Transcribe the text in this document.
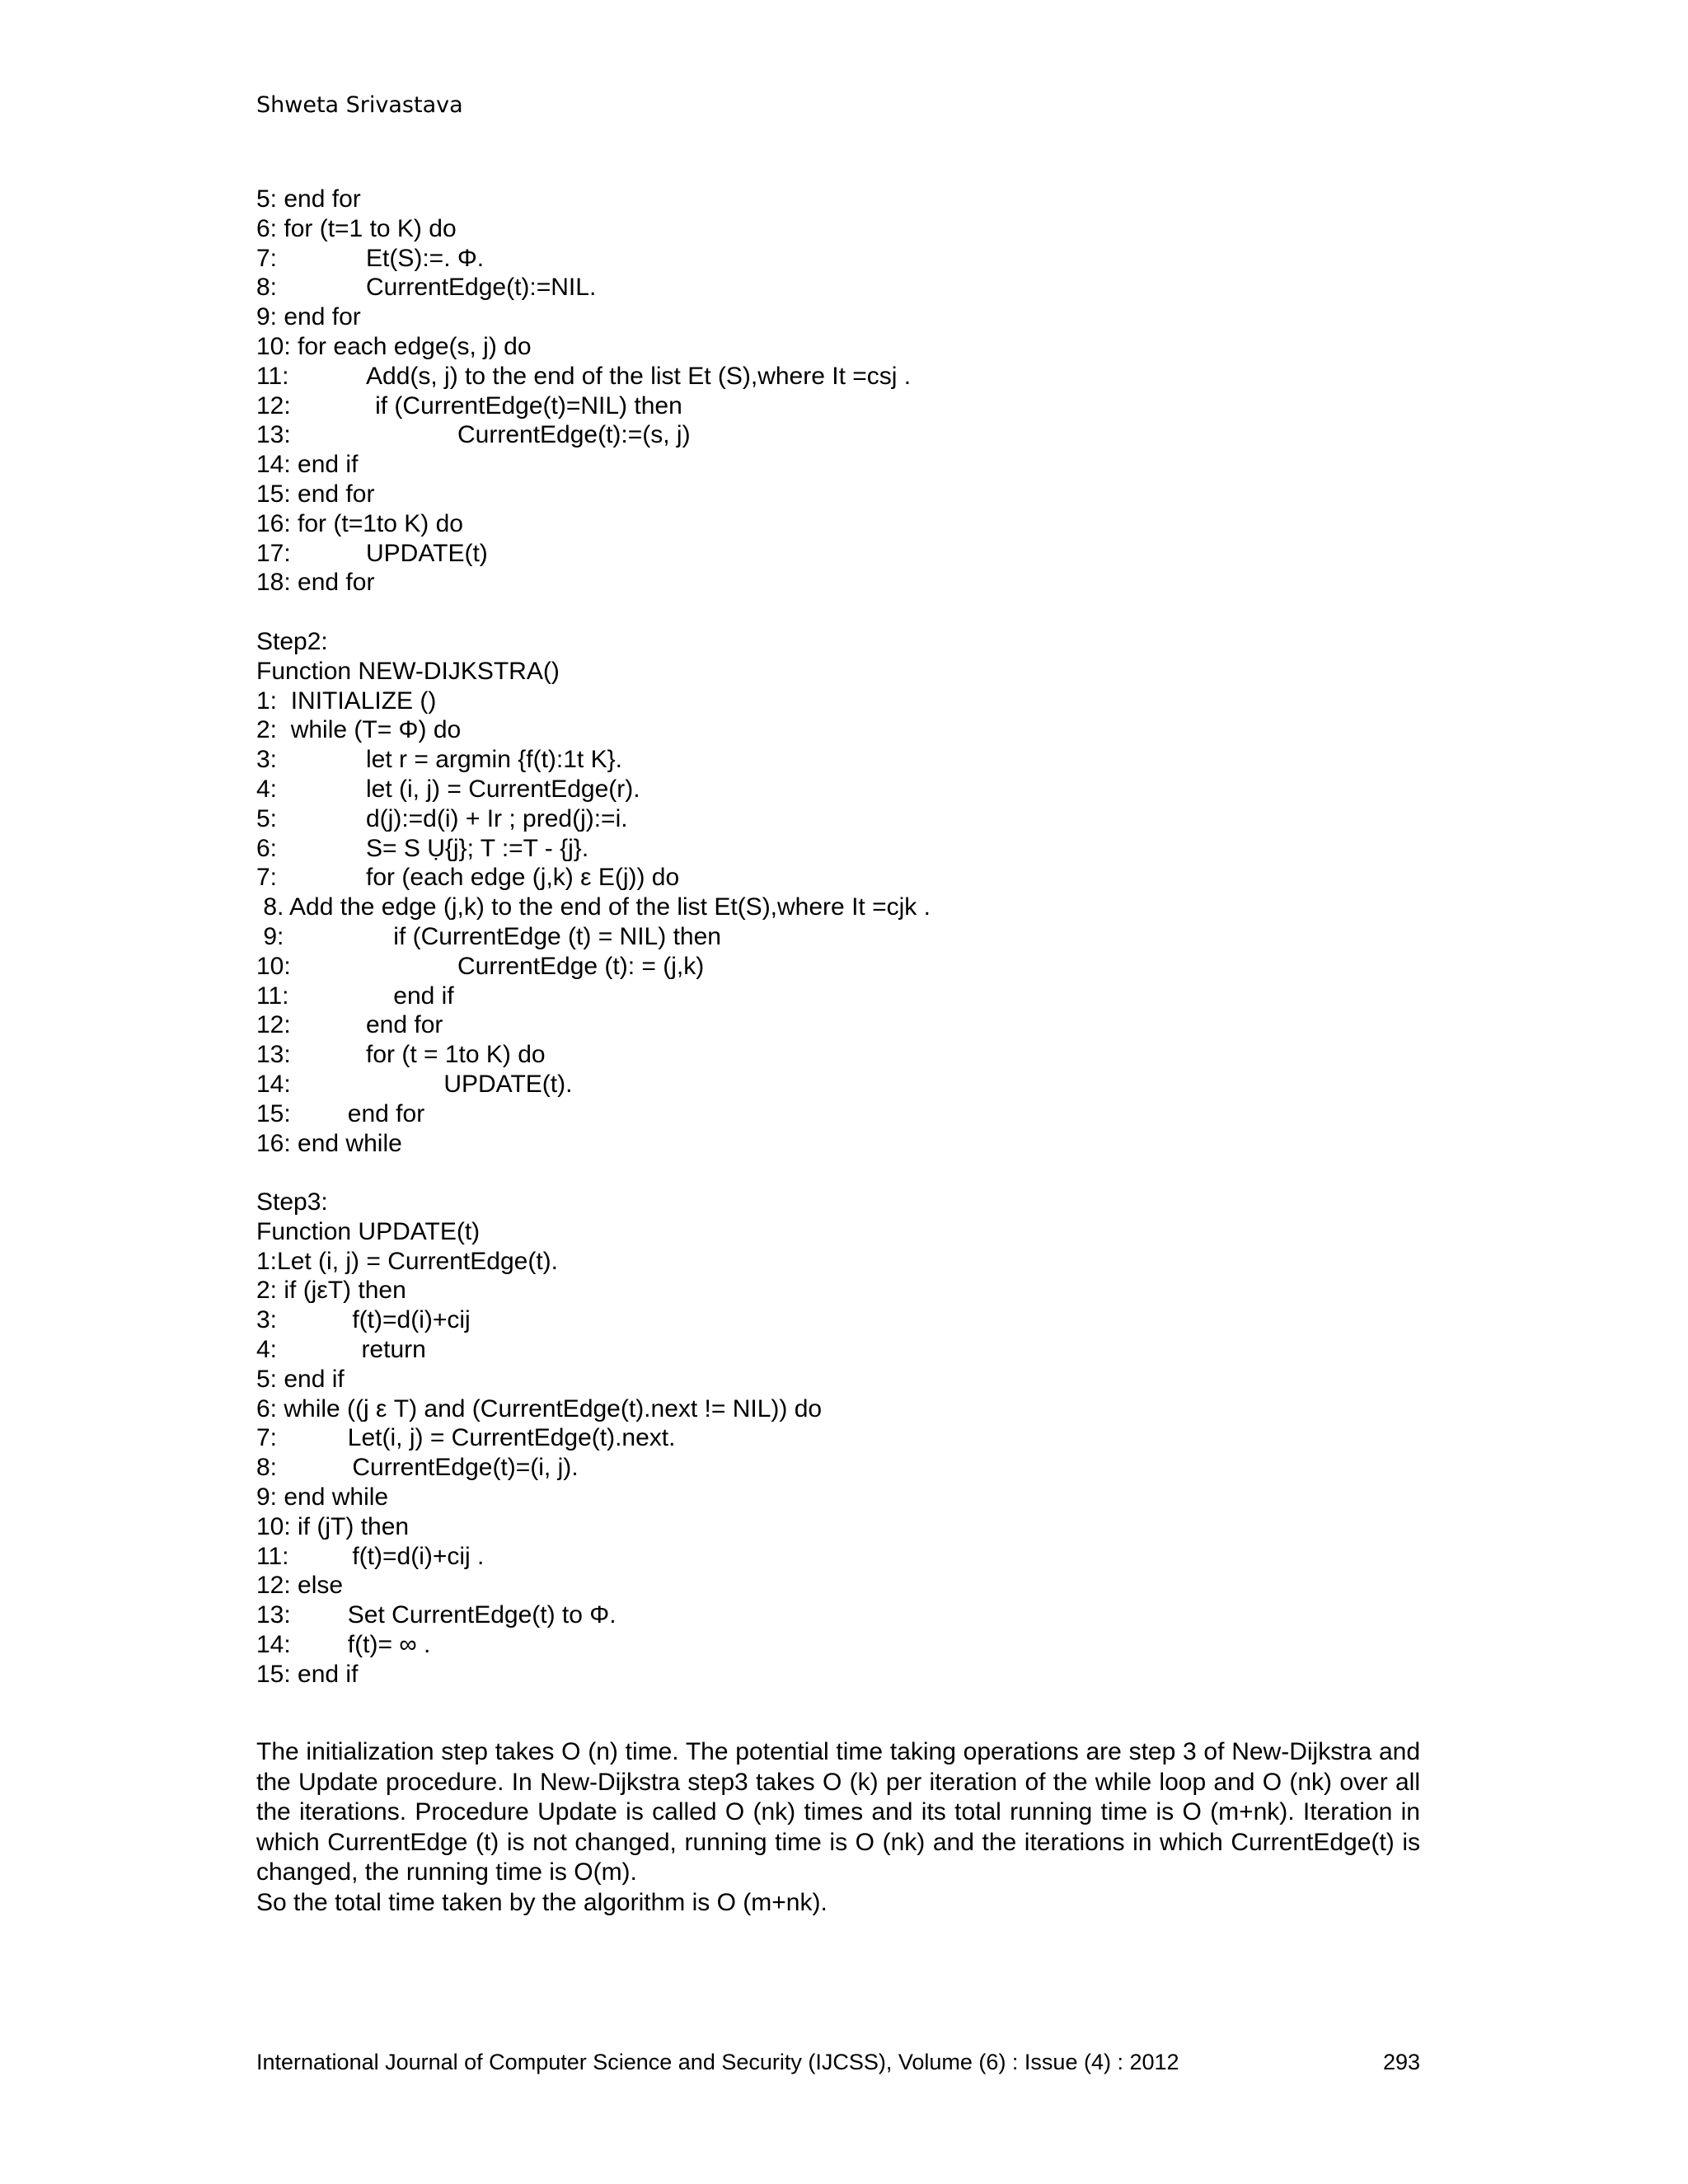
Shweta Srivastava
5: end for
6: for (t=1 to K) do
7:	Et(S):=. Φ.
8:	CurrentEdge(t):=NIL.
9: end for
10: for each edge(s, j) do
11:	Add(s, j) to the end of the list Et (S),where It =csj .
12:	if (CurrentEdge(t)=NIL) then
13:	CurrentEdge(t):=(s, j)
14: end if
15: end for
16: for (t=1to K) do
17:	UPDATE(t)
18: end for
Step2:
Function NEW-DIJKSTRA()
1:  INITIALIZE ()
2:  while (T= Φ) do
3:	let r = argmin {f(t):1t K}.
4:	let (i, j) = CurrentEdge(r).
5:	d(j):=d(i) + Ir ; pred(j):=i.
6:	S= S Ụ{j}; T :=T - {j}.
7:	for (each edge (j,k) ε E(j)) do
8. Add the edge (j,k) to the end of the list Et(S),where It =cjk .
9:	if (CurrentEdge (t) = NIL) then
10:	CurrentEdge (t): = (j,k)
11:	end if
12:	end for
13:	for (t = 1to K) do
14:	UPDATE(t).
15: end for
16: end while
Step3:
Function UPDATE(t)
1:Let (i, j) = CurrentEdge(t).
2: if (jεT) then
3:	f(t)=d(i)+cij
4:	return
5: end if
6: while ((j ε T) and (CurrentEdge(t).next != NIL)) do
7:	Let(i, j) = CurrentEdge(t).next.
8:	CurrentEdge(t)=(i, j).
9: end while
10: if (jT) then
11:	f(t)=d(i)+cij .
12: else
13: Set CurrentEdge(t) to Φ.
14: f(t)= ∞ .
15: end if

The initialization step takes O (n) time. The potential time taking operations are step 3 of New-Dijkstra and the Update procedure. In New-Dijkstra step3 takes O (k) per iteration of the while loop and O (nk) over all the iterations. Procedure Update is called O (nk) times and its total running time is O (m+nk). Iteration in which CurrentEdge (t) is not changed, running time is O (nk) and the iterations in which CurrentEdge(t) is changed, the running time is O(m).

So the total time taken by the algorithm is O (m+nk).

International Journal of Computer Science and Security (IJCSS), Volume (6) : Issue (4) : 2012	293
